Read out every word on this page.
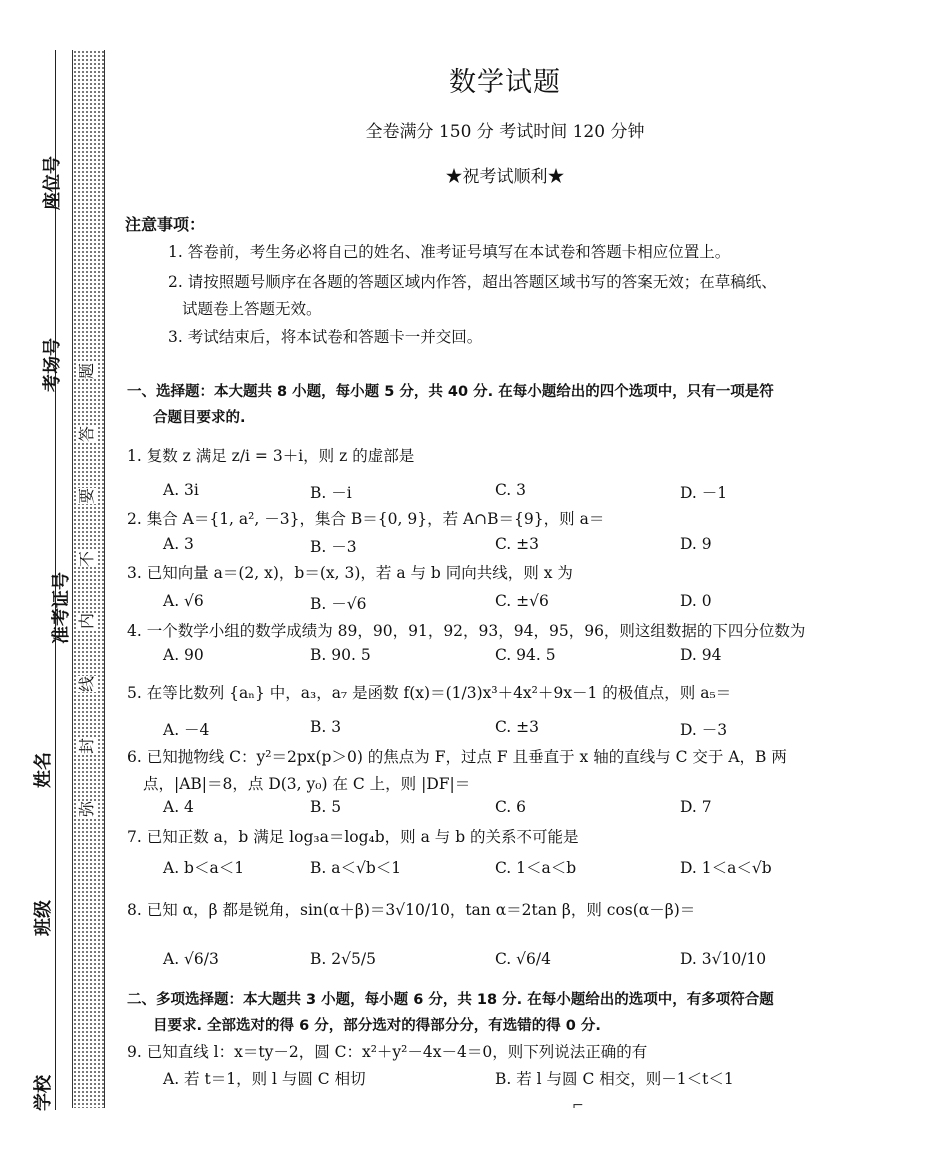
题
答
要
不
内
线
封
弥
座位号
考场号
准考证号
姓名
班级
学校
数学试题
全卷满分 150 分 考试时间 120 分钟
★祝考试顺利★
注意事项：
1. 答卷前，考生务必将自己的姓名、准考证号填写在本试卷和答题卡相应位置上。
2. 请按照题号顺序在各题的答题区域内作答，超出答题区域书写的答案无效；在草稿纸、
试题卷上答题无效。
3. 考试结束后，将本试卷和答题卡一并交回。
一、选择题：本大题共 8 小题，每小题 5 分，共 40 分. 在每小题给出的四个选项中，只有一项是符
合题目要求的.
1. 复数 z 满足 z/i = 3＋i，则 z 的虚部是
A. 3i	B. －i	C. 3	D. －1
2. 集合 A＝{1, a², －3}，集合 B＝{0, 9}，若 A∩B＝{9}，则 a＝
A. 3	B. －3	C. ±3	D. 9
3. 已知向量 a＝(2, x)，b＝(x, 3)，若 a 与 b 同向共线，则 x 为
A. √6	B. －√6	C. ±√6	D. 0
4. 一个数学小组的数学成绩为 89，90，91，92，93，94，95，96，则这组数据的下四分位数为
A. 90	B. 90. 5	C. 94. 5	D. 94
5. 在等比数列 {aₙ} 中，a₃，a₇ 是函数 f(x)＝(1/3)x³＋4x²＋9x－1 的极值点，则 a₅＝
A. －4	B. 3	C. ±3	D. －3
6. 已知抛物线 C：y²＝2px(p＞0) 的焦点为 F，过点 F 且垂直于 x 轴的直线与 C 交于 A，B 两
点，|AB|＝8，点 D(3, y₀) 在 C 上，则 |DF|＝
A. 4	B. 5	C. 6	D. 7
7. 已知正数 a，b 满足 log₃a＝log₄b，则 a 与 b 的关系不可能是
A. b＜a＜1	B. a＜√b＜1	C. 1＜a＜b	D. 1＜a＜√b
8. 已知 α，β 都是锐角，sin(α＋β)＝3√10/10，tan α＝2tan β，则 cos(α－β)＝
A. √6/3	B. 2√5/5	C. √6/4	D. 3√10/10
二、多项选择题：本大题共 3 小题，每小题 6 分，共 18 分. 在每小题给出的选项中，有多项符合题
目要求. 全部选对的得 6 分，部分选对的得部分分，有选错的得 0 分.
9. 已知直线 l：x＝ty－2，圆 C：x²＋y²－4x－4＝0，则下列说法正确的有
A. 若 t＝1，则 l 与圆 C 相切	B. 若 l 与圆 C 相交，则－1＜t＜1
⌐
